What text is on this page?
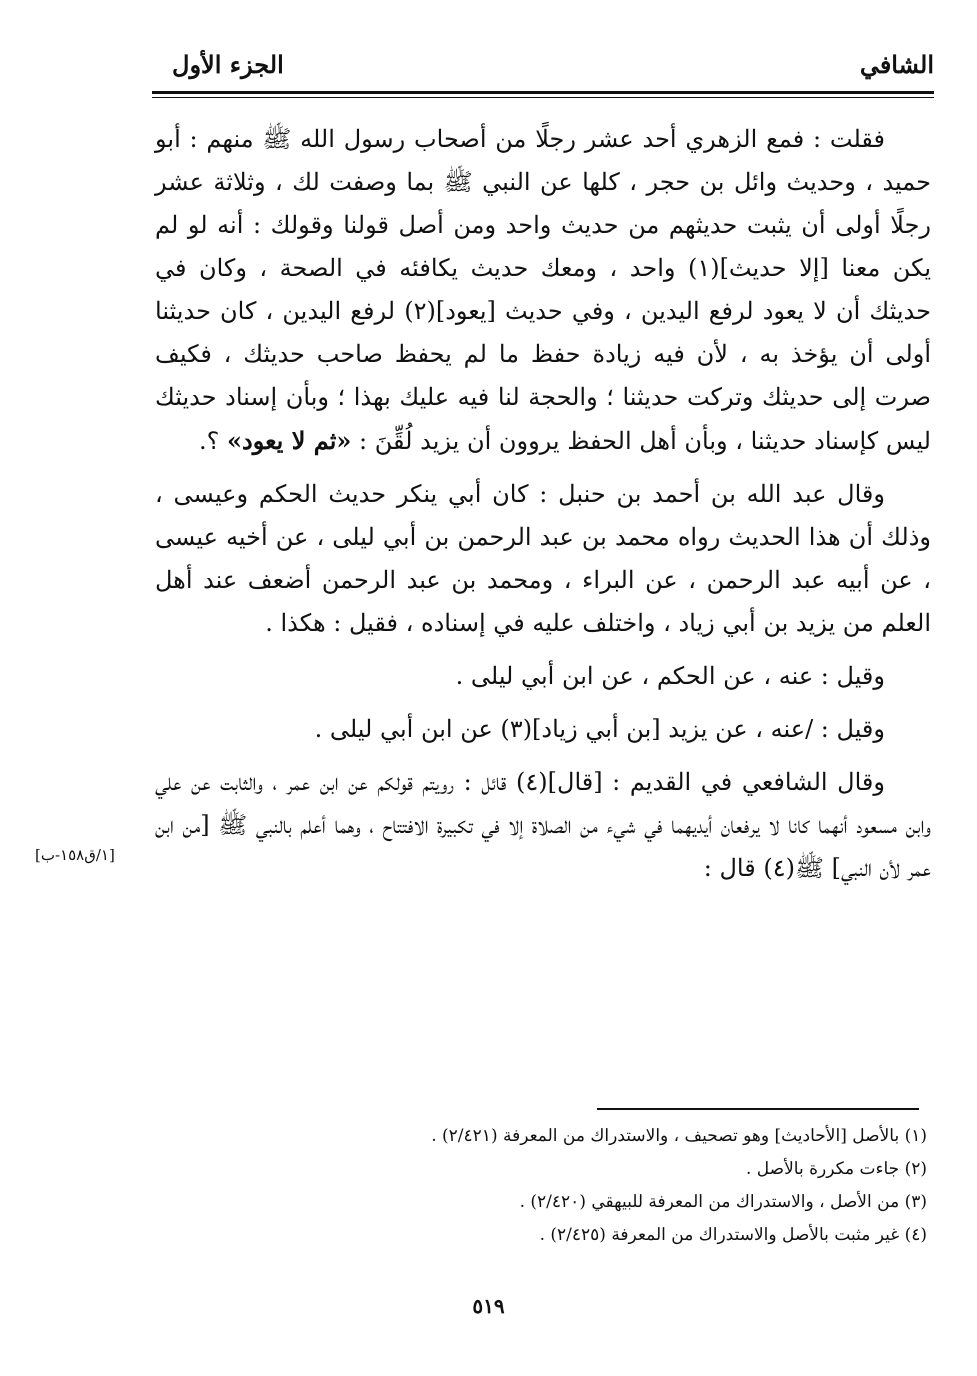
الشافي
الجزء الأول

فقلت : فمع الزهري أحد عشر رجلًا من أصحاب رسول الله ﷺ منهم : أبو حميد ، وحديث وائل بن حجر ، كلها عن النبي ﷺ بما وصفت لك ، وثلاثة عشر رجلًا أولى أن يثبت حديثهم من حديث واحد ومن أصل قولنا وقولك : أنه لو لم يكن معنا [إلا حديث](١) واحد ، ومعك حديث يكافئه في الصحة ، وكان في حديثك أن لا يعود لرفع اليدين ، وفي حديث [يعود](٢) لرفع اليدين ، كان حديثنا أولى أن يؤخذ به ، لأن فيه زيادة حفظ ما لم يحفظ صاحب حديثك ، فكيف صرت إلى حديثك وتركت حديثنا ؛ والحجة لنا فيه عليك بهذا ؛ وبأن إسناد حديثك ليس كإسناد حديثنا ، وبأن أهل الحفظ يروون أن يزيد لُقِّنَ : «ثم لا يعود» ؟.

وقال عبد الله بن أحمد بن حنبل : كان أبي ينكر حديث الحكم وعيسى ، وذلك أن هذا الحديث رواه محمد بن عبد الرحمن بن أبي ليلى ، عن أخيه عيسى ، عن أبيه عبد الرحمن ، عن البراء ، ومحمد بن عبد الرحمن أضعف عند أهل العلم من يزيد بن أبي زياد ، واختلف عليه في إسناده ، فقيل : هكذا .

وقيل : عنه ، عن الحكم ، عن ابن أبي ليلى .

وقيل : /عنه ، عن يزيد [بن أبي زياد](٣) عن ابن أبي ليلى .

وقال الشافعي في القديم : [قال](٤) قائل : رويتم قولكم عن ابن عمر ، والثابت عن علي وابن مسعود أنهما كانا لا يرفعان أيديهما في شيء من الصلاة إلا في تكبيرة الافتتاح ، وهما أعلم بالنبي ﷺ [من ابن عمر لأن النبي] ﷺ(٤) قال :

[١/ق١٥٨-ب]
(١) بالأصل [الأحاديث] وهو تصحيف ، والاستدراك من المعرفة (٢/٤٢١) .
(٢) جاءت مكررة بالأصل .
(٣) من الأصل ، والاستدراك من المعرفة للبيهقي (٢/٤٢٠) .
(٤) غير مثبت بالأصل والاستدراك من المعرفة (٢/٤٢٥) .
٥١٩
